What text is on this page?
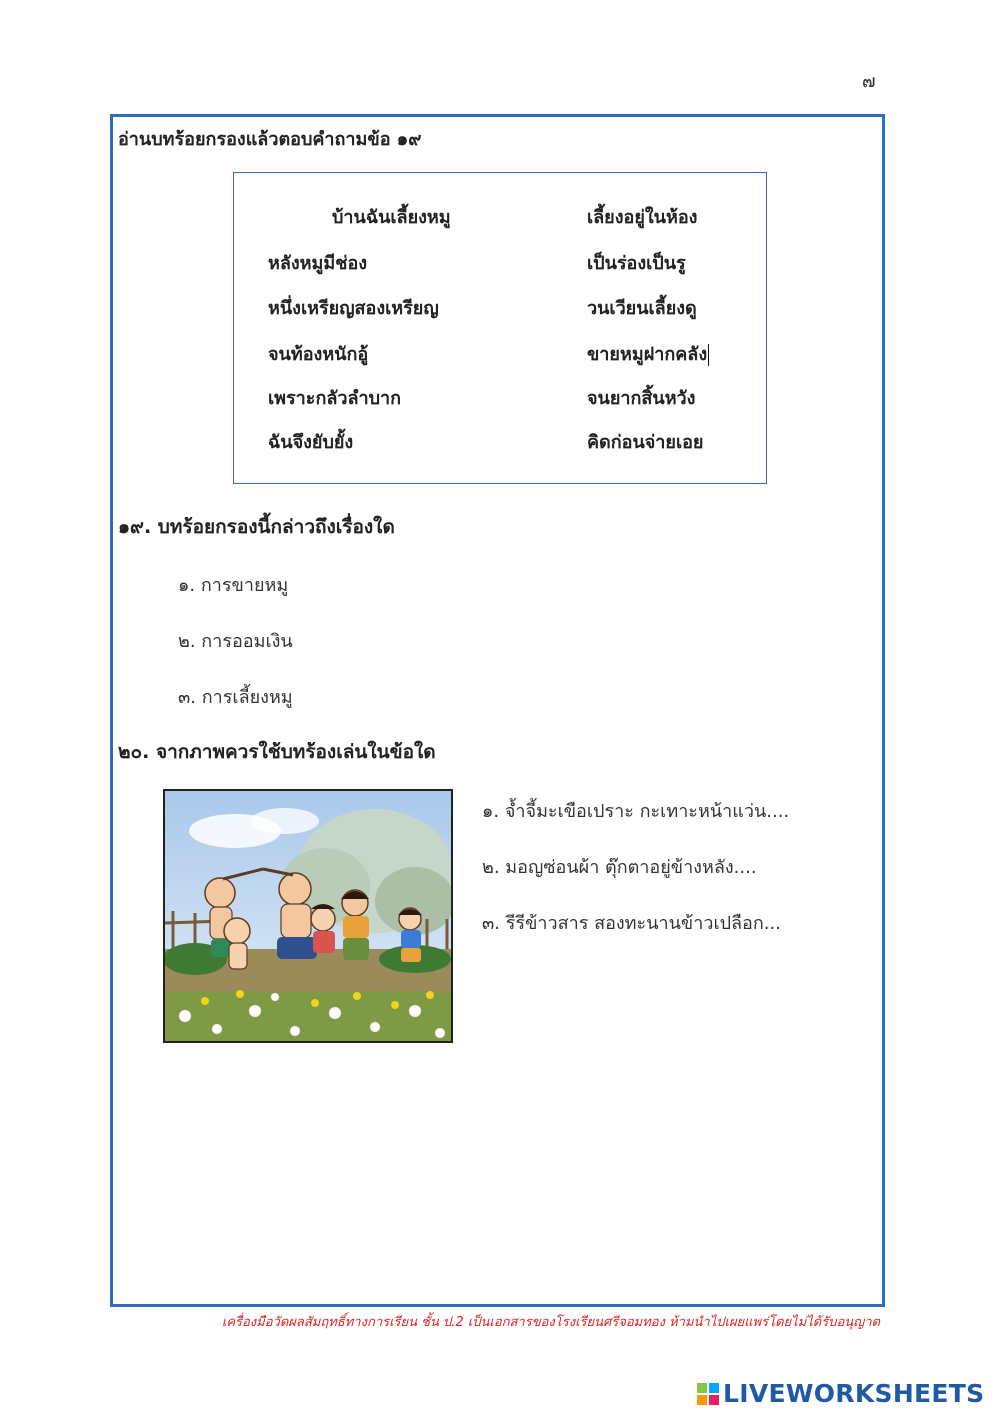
๗
อ่านบทร้อยกรองแล้วตอบคำถามข้อ ๑๙
บ้านฉันเลี้ยงหมู	เลี้ยงอยู่ในห้อง
หลังหมูมีช่อง	เป็นร่องเป็นรู
หนึ่งเหรียญสองเหรียญ	วนเวียนเลี้ยงดู
จนท้องหนักอู้	ขายหมูฝากคลัง
เพราะกลัวลำบาก	จนยากสิ้นหวัง
ฉันจึงยับยั้ง	คิดก่อนจ่ายเอย
๑๙. บทร้อยกรองนี้กล่าวถึงเรื่องใด
๑. การขายหมู
๒. การออมเงิน
๓. การเลี้ยงหมู
๒๐. จากภาพควรใช้บทร้องเล่นในข้อใด
๑. จ้ำจี้มะเขือเปราะ กะเทาะหน้าแว่น....
๒. มอญซ่อนผ้า ตุ๊กตาอยู่ข้างหลัง....
๓. รีรีข้าวสาร สองทะนานข้าวเปลือก...
เครื่องมือวัดผลสัมฤทธิ์ทางการเรียน ชั้น ป.2 เป็นเอกสารของโรงเรียนศรีจอมทอง ห้ามนำไปเผยแพร่โดยไม่ได้รับอนุญาต
LIVEWORKSHEETS
